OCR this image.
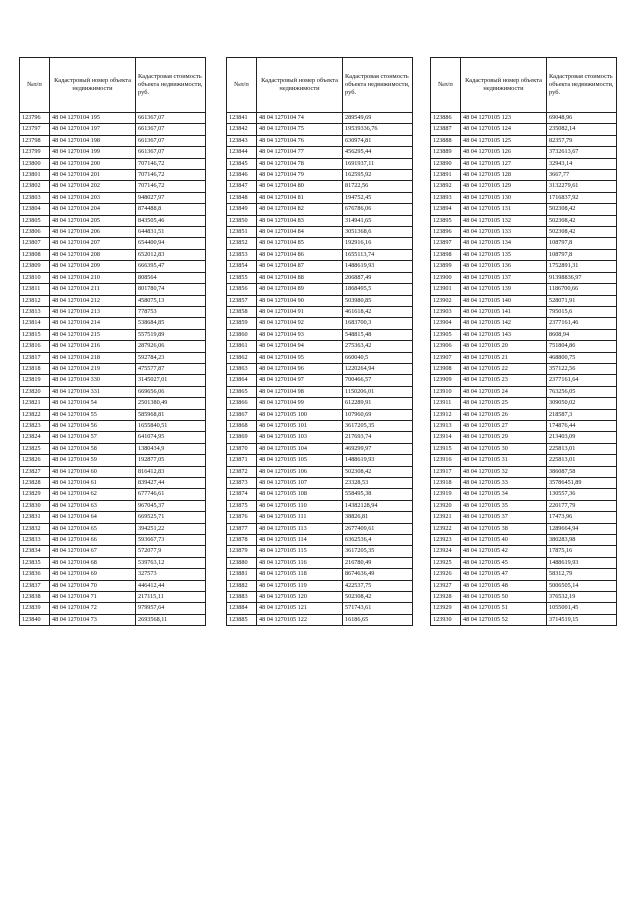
№п/п	Кадастровый номер объекта недвижимости	Кадастровая стоимость объекта недвижимости, руб.
123796	48 04 1270104 195	661367,07
123797	48 04 1270104 197	661367,07
123798	48 04 1270104 198	661367,07
123799	48 04 1270104 199	661367,07
123800	48 04 1270104 200	707146,72
123801	48 04 1270104 201	707146,72
123802	48 04 1270104 202	707146,72
123803	48 04 1270104 203	948027,97
123804	48 04 1270104 204	874488,8
123805	48 04 1270104 205	843505,46
123806	48 04 1270104 206	644831,51
123807	48 04 1270104 207	654400,94
123808	48 04 1270104 208	652012,83
123809	48 04 1270104 209	666395,47
123810	48 04 1270104 210	808564
123811	48 04 1270104 211	801780,74
123812	48 04 1270104 212	458075,13
123813	48 04 1270104 213	778753
123814	48 04 1270104 214	538684,85
123815	48 04 1270104 215	557519,89
123816	48 04 1270104 216	287926,06
123817	48 04 1270104 218	592784,23
123818	48 04 1270104 219	475577,87
123819	48 04 1270104 330	3145027,01
123820	48 04 1270104 331	669656,06
123821	48 04 1270104 54	2501380,49
123822	48 04 1270104 55	585968,81
123823	48 04 1270104 56	1655840,51
123824	48 04 1270104 57	641074,95
123825	48 04 1270104 58	1380434,9
123826	48 04 1270104 59	192877,05
123827	48 04 1270104 60	816412,83
123828	48 04 1270104 61	839427,44
123829	48 04 1270104 62	677746,61
123830	48 04 1270104 63	967045,37
123831	48 04 1270104 64	669525,71
123832	48 04 1270104 65	394251,22
123833	48 04 1270104 66	593667,73
123834	48 04 1270104 67	572077,9
123835	48 04 1270104 68	539763,12
123836	48 04 1270104 69	327573
123837	48 04 1270104 70	446412,44
123838	48 04 1270104 71	217115,11
123839	48 04 1270104 72	979957,64
123840	48 04 1270104 73	2693568,11
№п/п	Кадастровый номер объекта недвижимости	Кадастровая стоимость объекта недвижимости, руб.
123841	48 04 1270104 74	289549,69
123842	48 04 1270104 75	19539336,76
123843	48 04 1270104 76	630974,81
123844	48 04 1270104 77	456295,44
123845	48 04 1270104 78	1691937,11
123846	48 04 1270104 79	162595,92
123847	48 04 1270104 80	81722,56
123848	48 04 1270104 81	194752,45
123849	48 04 1270104 82	676786,06
123850	48 04 1270104 83	314941,65
123851	48 04 1270104 84	3051368,6
123852	48 04 1270104 85	192916,16
123853	48 04 1270104 86	1655113,74
123854	48 04 1270104 87	1488619,93
123855	48 04 1270104 88	206887,49
123856	48 04 1270104 89	1868495,5
123857	48 04 1270104 90	503980,85
123858	48 04 1270104 91	461618,42
123859	48 04 1270104 92	1683700,3
123860	48 04 1270104 93	548815,48
123861	48 04 1270104 94	275363,42
123862	48 04 1270104 95	660040,5
123863	48 04 1270104 96	1220264,94
123864	48 04 1270104 97	700466,57
123865	48 04 1270104 98	1150206,01
123866	48 04 1270104 99	612289,91
123867	48 04 1270105 100	107960,69
123868	48 04 1270105 101	3617205,35
123869	48 04 1270105 103	217693,74
123870	48 04 1270105 104	469299,97
123871	48 04 1270105 105	1488619,93
123872	48 04 1270105 106	502308,42
123873	48 04 1270105 107	23328,53
123874	48 04 1270105 108	558495,38
123875	48 04 1270105 110	14382128,94
123876	48 04 1270105 111	38826,81
123877	48 04 1270105 113	2677409,61
123878	48 04 1270105 114	6362536,4
123879	48 04 1270105 115	3617205,35
123880	48 04 1270105 116	216780,49
123881	48 04 1270105 118	8674636,49
123882	48 04 1270105 119	422537,75
123883	48 04 1270105 120	502308,42
123884	48 04 1270105 121	571743,61
123885	48 04 1270105 122	16186,65
№п/п	Кадастровый номер объекта недвижимости	Кадастровая стоимость объекта недвижимости, руб.
123886	48 04 1270105 123	69048,96
123887	48 04 1270105 124	235082,14
123888	48 04 1270105 125	82357,79
123889	48 04 1270105 126	3732613,67
123890	48 04 1270105 127	32943,14
123891	48 04 1270105 128	3667,77
123892	48 04 1270105 129	3132279,61
123893	48 04 1270105 130	1716837,92
123894	48 04 1270105 131	502308,42
123895	48 04 1270105 132	502308,42
123896	48 04 1270105 133	502308,42
123897	48 04 1270105 134	108797,8
123898	48 04 1270105 135	108797,8
123899	48 04 1270105 136	1752891,31
123900	48 04 1270105 137	91398836,97
123901	48 04 1270105 139	1186700,66
123902	48 04 1270105 140	528071,91
123903	48 04 1270105 141	795015,6
123904	48 04 1270105 142	2377161,46
123905	48 04 1270105 143	8608,94
123906	48 04 1270105 20	751804,86
123907	48 04 1270105 21	468800,75
123908	48 04 1270105 22	357122,56
123909	48 04 1270105 23	2377161,64
123910	48 04 1270105 24	763256,05
123911	48 04 1270105 25	309050,02
123912	48 04 1270105 26	218587,3
123913	48 04 1270105 27	174876,44
123914	48 04 1270105 29	213403,09
123915	48 04 1270105 30	225813,01
123916	48 04 1270105 31	225813,01
123917	48 04 1270105 32	386087,58
123918	48 04 1270105 33	35786451,89
123919	48 04 1270105 34	130557,36
123920	48 04 1270105 35	220177,79
123921	48 04 1270105 37	17473,96
123922	48 04 1270105 38	1289664,94
123923	48 04 1270105 40	380283,98
123924	48 04 1270105 42	17875,16
123925	48 04 1270105 45	1488619,93
123926	48 04 1270105 47	58312,79
123927	48 04 1270105 48	5006505,14
123928	48 04 1270105 50	376532,19
123929	48 04 1270105 51	1055001,45
123930	48 04 1270105 52	3714519,15
